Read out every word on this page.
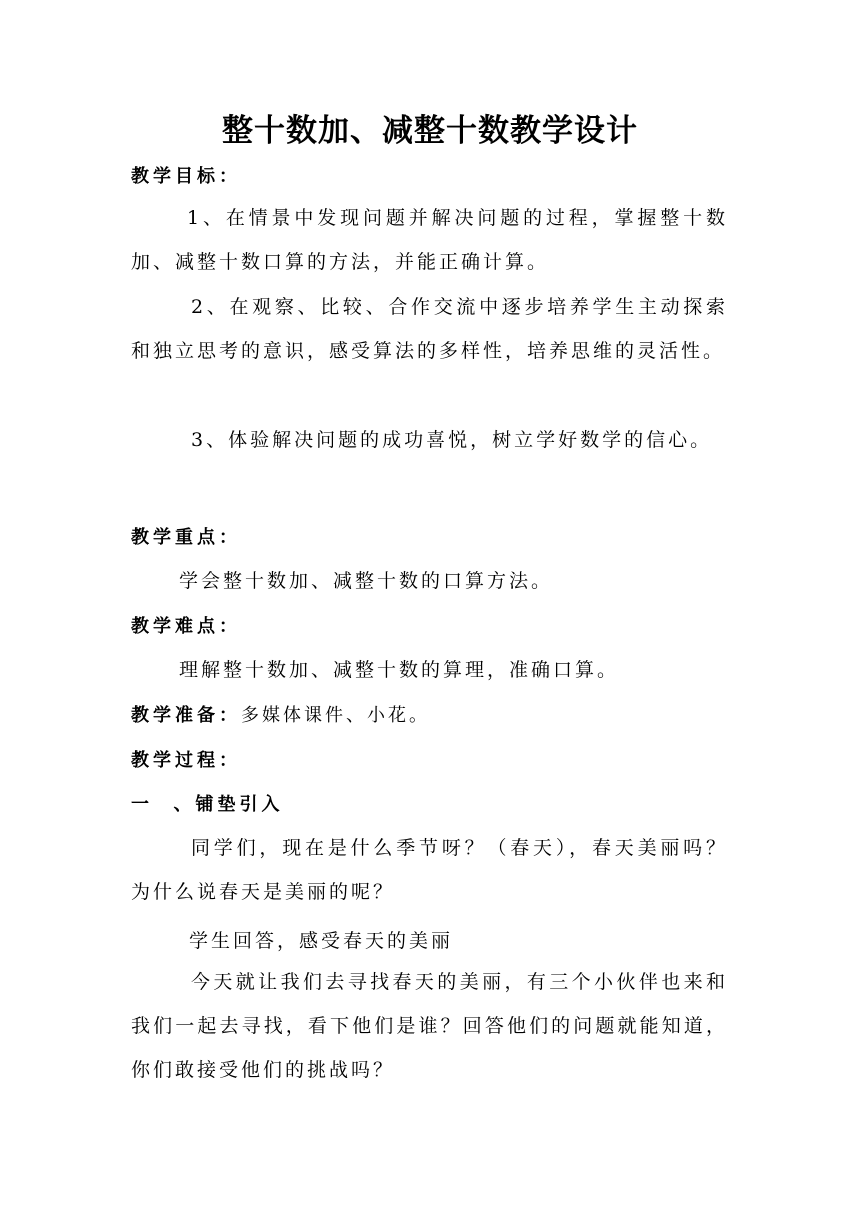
整十数加、减整十数教学设计
教学目标：
1、在情景中发现问题并解决问题的过程，掌握整十数加、减整十数口算的方法，并能正确计算。
2、在观察、比较、合作交流中逐步培养学生主动探索和独立思考的意识，感受算法的多样性，培养思维的灵活性。
3、体验解决问题的成功喜悦，树立学好数学的信心。
教学重点：
学会整十数加、减整十数的口算方法。
教学难点：
理解整十数加、减整十数的算理，准确口算。
教学准备：多媒体课件、小花。
教学过程：
一  、铺垫引入
同学们，现在是什么季节呀？（春天），春天美丽吗？为什么说春天是美丽的呢？
学生回答，感受春天的美丽
今天就让我们去寻找春天的美丽，有三个小伙伴也来和我们一起去寻找，看下他们是谁？回答他们的问题就能知道，你们敢接受他们的挑战吗？
